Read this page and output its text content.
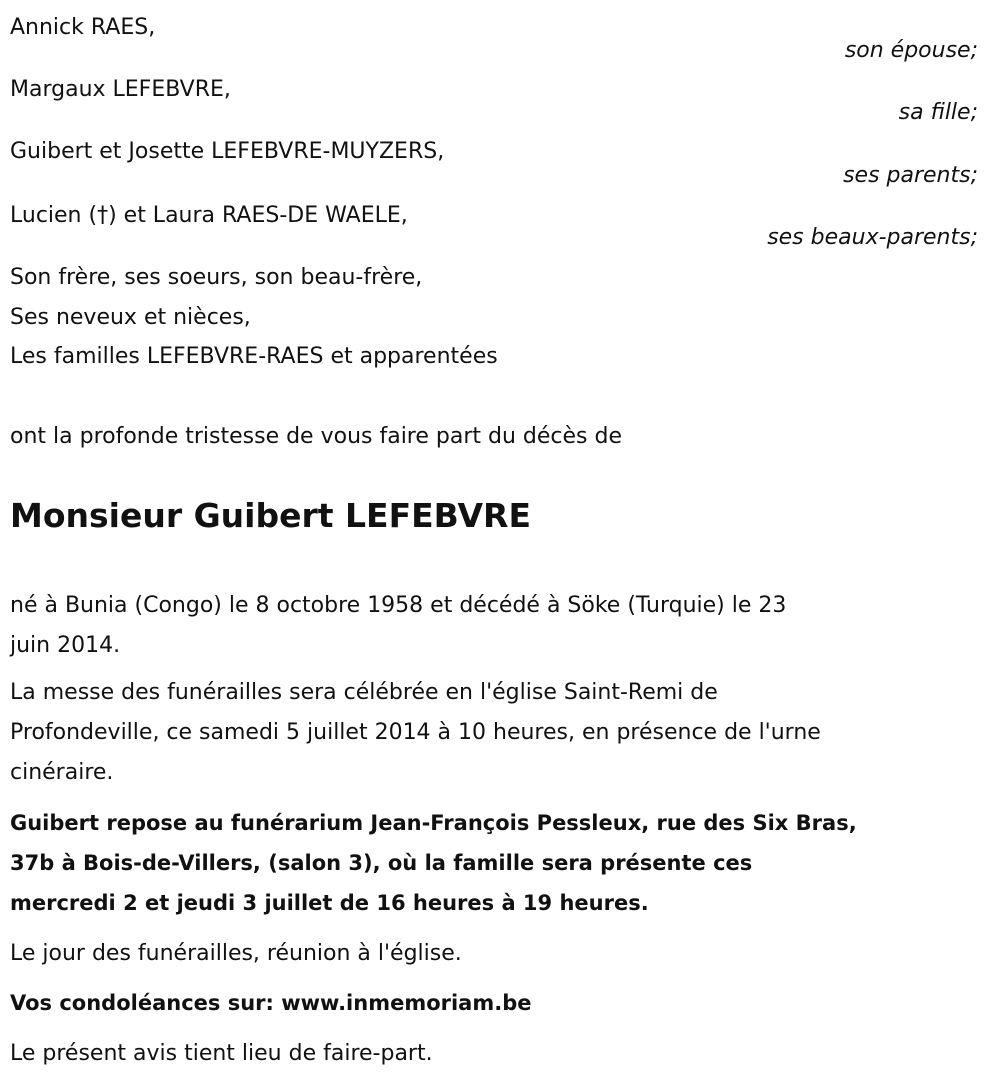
Annick RAES,
son épouse;
Margaux LEFEBVRE,
sa fille;
Guibert et Josette LEFEBVRE-MUYZERS,
ses parents;
Lucien (†) et Laura RAES-DE WAELE,
ses beaux-parents;
Son frère, ses soeurs, son beau-frère,
Ses neveux et nièces,
Les familles LEFEBVRE-RAES et apparentées
ont la profonde tristesse de vous faire part du décès de
Monsieur Guibert LEFEBVRE
né à Bunia (Congo) le 8 octobre 1958 et décédé à Söke (Turquie) le 23
juin 2014.
La messe des funérailles sera célébrée en l'église Saint-Remi de
Profondeville, ce samedi 5 juillet 2014 à 10 heures, en présence de l'urne
cinéraire.
Guibert repose au funérarium Jean-François Pessleux, rue des Six Bras,
37b à Bois-de-Villers, (salon 3), où la famille sera présente ces
mercredi 2 et jeudi 3 juillet de 16 heures à 19 heures.
Le jour des funérailles, réunion à l'église.
Vos condoléances sur: www.inmemoriam.be
Le présent avis tient lieu de faire-part.
